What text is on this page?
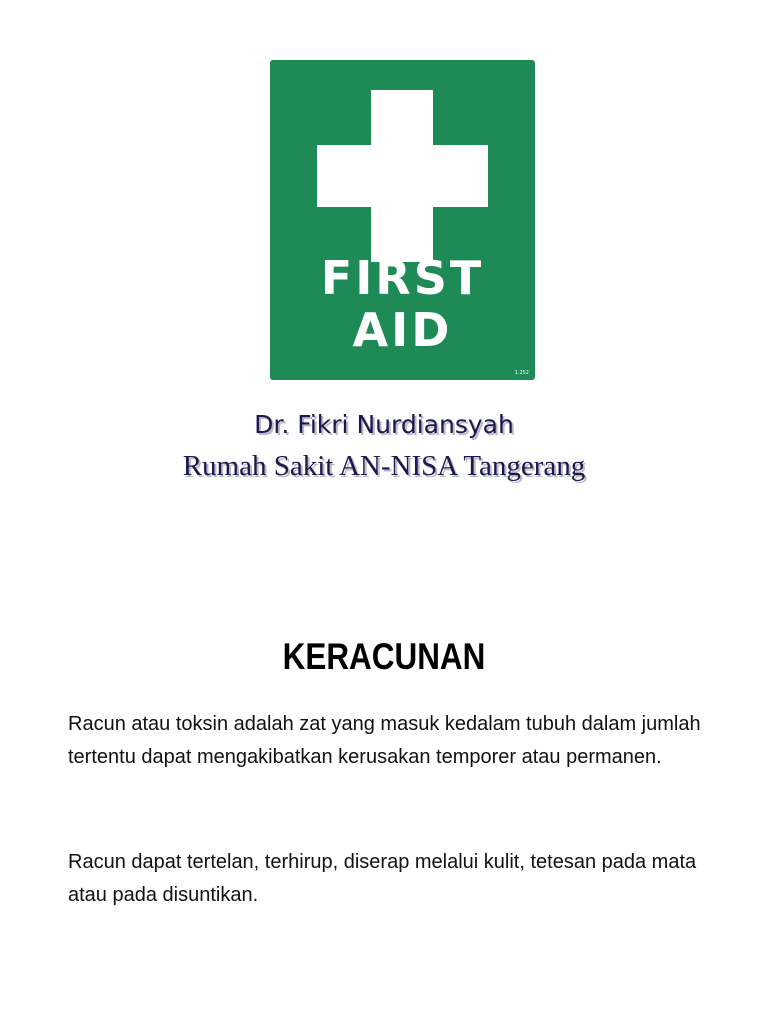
FIRST
AID
1.252
Dr. Fikri Nurdiansyah
Rumah Sakit AN-NISA Tangerang
KERACUNAN
Racun atau toksin adalah zat yang masuk kedalam tubuh dalam jumlah tertentu dapat mengakibatkan kerusakan temporer atau permanen.
Racun dapat tertelan, terhirup, diserap melalui kulit, tetesan pada mata atau pada disuntikan.
